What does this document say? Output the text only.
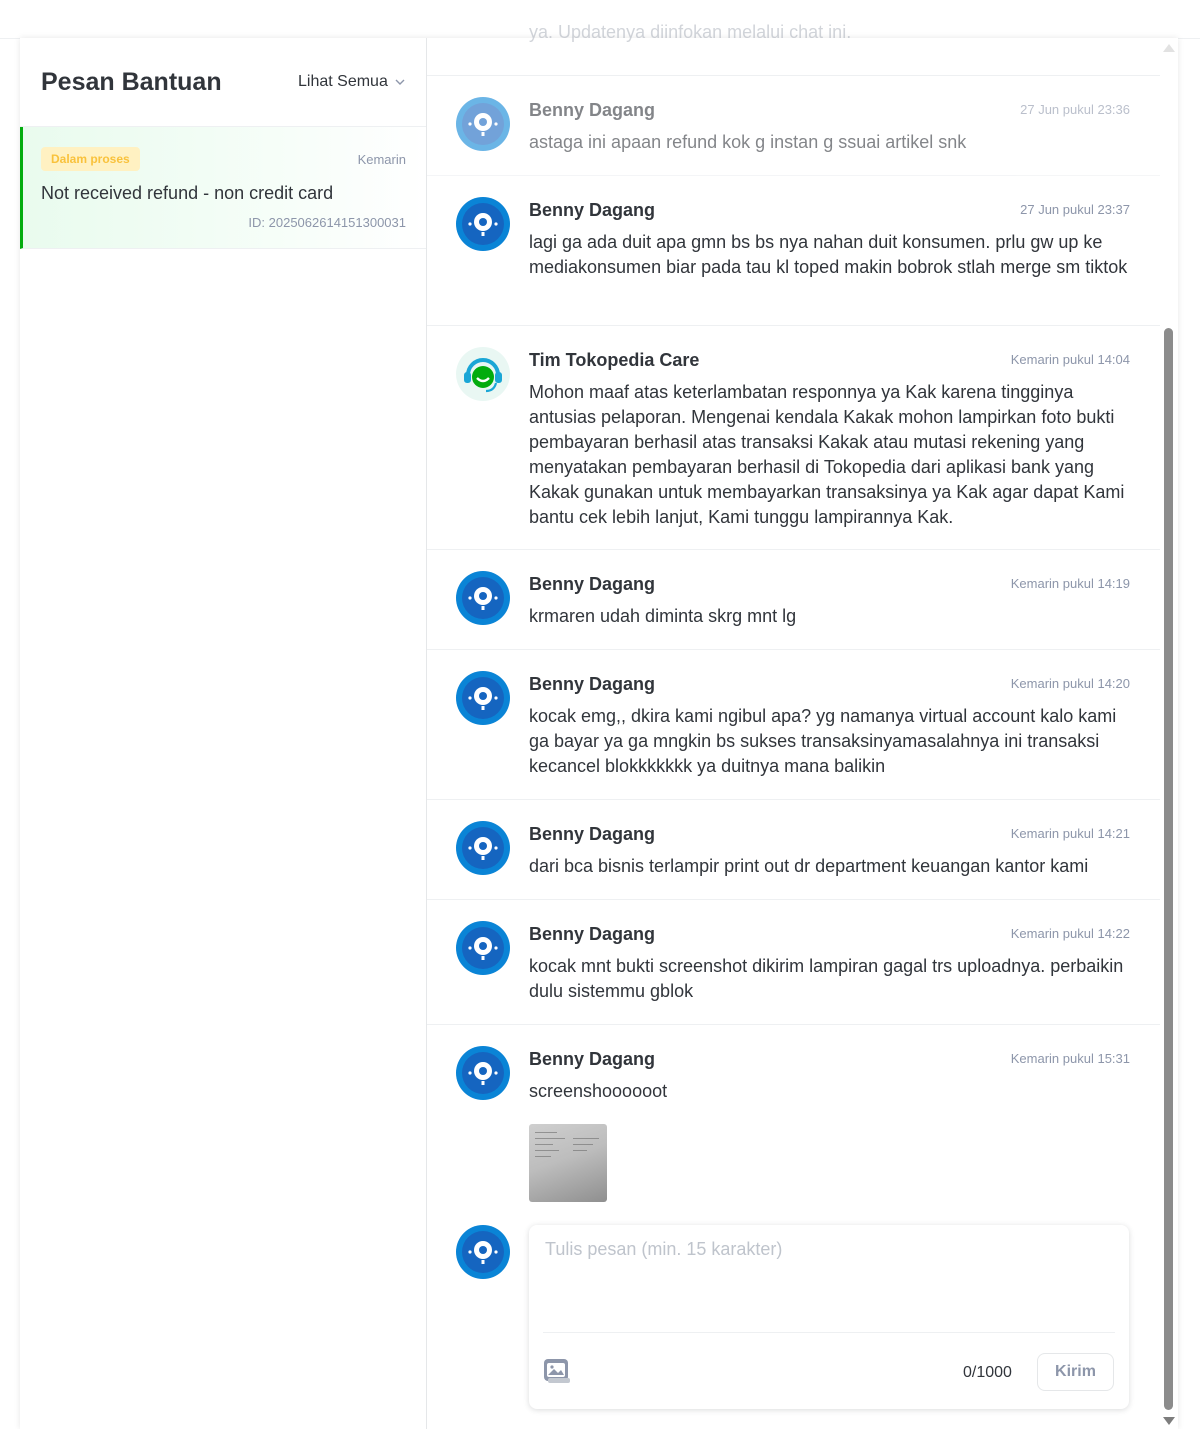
Pesan Bantuan	Lihat Semua
Dalam proses	Kemarin
Not received refund - non credit card
ID: 2025062614151300031
ya. Updatenya diinfokan melalui chat ini.
Benny Dagang	27 Jun pukul 23:36
astaga ini apaan refund kok g instan g ssuai artikel snk
Benny Dagang	27 Jun pukul 23:37
lagi ga ada duit apa gmn bs bs nya nahan duit konsumen. prlu gw up ke mediakonsumen biar pada tau kl toped makin bobrok stlah merge sm tiktok
Tim Tokopedia Care	Kemarin pukul 14:04
Mohon maaf atas keterlambatan responnya ya Kak karena tingginya antusias pelaporan. Mengenai kendala Kakak mohon lampirkan foto bukti pembayaran berhasil atas transaksi Kakak atau mutasi rekening yang menyatakan pembayaran berhasil di Tokopedia dari aplikasi bank yang Kakak gunakan untuk membayarkan transaksinya ya Kak agar dapat Kami bantu cek lebih lanjut, Kami tunggu lampirannya Kak.
Benny Dagang	Kemarin pukul 14:19
krmaren udah diminta skrg mnt lg
Benny Dagang	Kemarin pukul 14:20
kocak emg,, dkira kami ngibul apa? yg namanya virtual account kalo kami ga bayar ya ga mngkin bs sukses transaksinyamasalahnya ini transaksi kecancel blokkkkkkk ya duitnya mana balikin
Benny Dagang	Kemarin pukul 14:21
dari bca bisnis terlampir print out dr department keuangan kantor kami
Benny Dagang	Kemarin pukul 14:22
kocak mnt bukti screenshot dikirim lampiran gagal trs uploadnya. perbaikin dulu sistemmu gblok
Benny Dagang	Kemarin pukul 15:31
screenshoooooot
Tulis pesan (min. 15 karakter)
0/1000	Kirim
